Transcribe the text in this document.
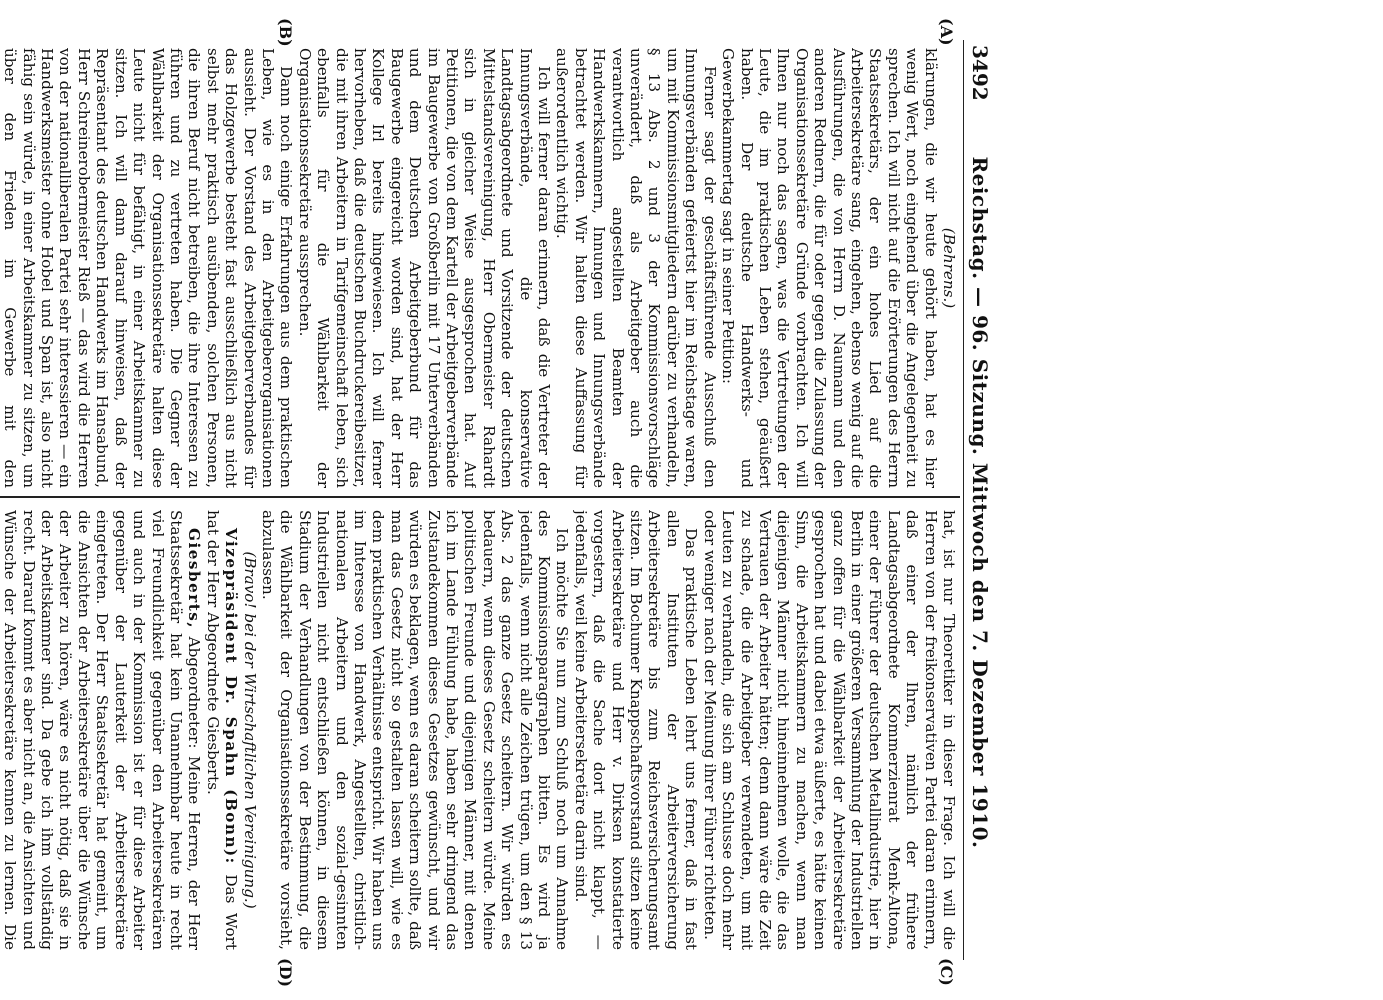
3492
Reichstag. — 96. Sitzung. Mittwoch den 7. Dezember 1910.
(A)
(B)
(C)
(D)

(Behrens.)

klärungen, die wir heute gehört haben, hat es hier wenig Wert, noch eingehend über die Angelegenheit zu sprechen. Ich will nicht auf die Erörterungen des Herrn Staatssekretärs, der ein hohes Lied auf die Arbeitersekretäre sang, eingehen, ebenso wenig auf die Ausführungen, die von Herrn D. Naumann und den anderen Rednern, die für oder gegen die Zulassung der Organisationssekretäre Gründe vorbrachten. Ich will Ihnen nur noch das sagen, was die Vertretungen der Leute, die im praktischen Leben stehen, geäußert haben. Der deutsche Handwerks- und Gewerbekammertag sagt in seiner Petition:

Ferner sagt der geschäftsführende Ausschuß den Innungsverbänden gefeiertst hier im Reichstage waren, um mit Kommissionsmitgliedern darüber zu verhandeln, § 13 Abs. 2 und 3 der Kommissionsvorschläge unverändert, daß als Arbeitgeber auch die verantwortlich angestellten Beamten der Handwerkskammern, Innungen und Innungsverbände betrachtet werden. Wir halten diese Auffassung für außerordentlich wichtig.

Ich will ferner daran erinnern, daß die Vertreter der Innungsverbände, die konservative Landtagsabgeordnete und Vorsitzende der deutschen Mittelstandsvereinigung, Herr Obermeister Rahardt sich in gleicher Weise ausgesprochen hat. Auf Petitionen, die von dem Kartell der Arbeitgeberverbände im Baugewerbe von Großberlin mit 17 Unterverbänden und dem Deutschen Arbeitgeberbund für das Baugewerbe eingereicht worden sind, hat der Herr Kollege Irl bereits hingewiesen. Ich will ferner hervorheben, daß die deutschen Buchdruckereibesitzer, die mit ihren Arbeitern in Tarifgemeinschaft leben, sich ebenfalls für die Wählbarkeit der Organisationssekretäre aussprechen.

Dann noch einige Erfahrungen aus dem praktischen Leben, wie es in den Arbeitgeberorganisationen aussieht. Der Vorstand des Arbeitgeberverbandes für das Holzgewerbe besteht fast ausschließlich aus nicht selbst mehr praktisch ausübenden, solchen Personen, die ihren Beruf nicht betreiben, die ihre Interessen zu führen und zu vertreten haben. Die Gegner der Wählbarkeit der Organisationssekretäre halten diese Leute nicht für befähigt, in einer Arbeitskammer zu sitzen. Ich will dann darauf hinweisen, daß der Repräsentant des deutschen Handwerks im Hansabund, Herr Schreinerobermeister Rieß — das wird die Herren von der nationalliberalen Partei sehr interessieren — ein Handwerksmeister ohne Hobel und Span ist, also nicht fähig sein würde, in einer Arbeitskammer zu sitzen, um über den Frieden im Gewerbe mit den

hat, ist nur Theoretiker in dieser Frage. Ich will die Herren von der freikonservativen Partei daran erinnern, daß einer der Ihren, nämlich der frühere Landtagsabgeordnete Kommerzienrat Menk-Altona, einer der Führer der deutschen Metallindustrie, hier in Berlin in einer größeren Versammlung der Industriellen ganz offen für die Wählbarkeit der Arbeitersekretäre gesprochen hat und dabei etwa äußerte, es hätte keinen Sinn, die Arbeitskammern zu machen, wenn man diejenigen Männer nicht hineinnehmen wolle, die das Vertrauen der Arbeiter hätten; denn dann wäre die Zeit zu schade, die die Arbeitgeber verwendeten, um mit Leuten zu verhandeln, die sich am Schlusse doch mehr oder weniger nach der Meinung ihrer Führer richteten.

Das praktische Leben lehrt uns ferner, daß in fast allen Instituten der Arbeiterversicherung Arbeitersekretäre bis zum Reichsversicherungsamt sitzen. Im Bochumer Knappschaftsvorstand sitzen keine Arbeitersekretäre und Herr v. Dirksen konstatierte vorgestern, daß die Sache dort nicht klappt, — jedenfalls, weil keine Arbeitersekretäre darin sind.

Ich möchte Sie nun zum Schluß noch um Annahme des Kommissionsparagraphen bitten. Es wird ja jedenfalls, wenn nicht alle Zeichen trügen, um den § 13 Abs. 2 das ganze Gesetz scheitern. Wir würden es bedauern, wenn dieses Gesetz scheitern würde. Meine politischen Freunde und diejenigen Männer, mit denen ich im Lande Fühlung habe, haben sehr dringend das Zustandekommen dieses Gesetzes gewünscht, und wir würden es beklagen, wenn es daran scheitern sollte, daß man das Gesetz nicht so gestalten lassen will, wie es dem praktischen Verhältnisse entspricht. Wir haben uns im Interesse von Handwerk, Angestellten, christlich-nationalen Arbeitern und den sozial-gesinnten Industriellen nicht entschließen können, in diesem Stadium der Verhandlungen von der Bestimmung, die die Wählbarkeit der Organisationssekretäre vorsieht, abzulassen.

(Bravo! bei der Wirtschaftlichen Vereinigung.)

Vizepräsident Dr. Spahn (Bonn): Das Wort hat der Herr Abgeordnete Giesberts.

Giesberts, Abgeordneter: Meine Herren, der Herr Staatssekretär hat kein Unannehmbar heute in recht viel Freundlichkeit gegenüber den Arbeitersekretären und auch in der Kommission ist er für diese Arbeiter gegenüber der Lauterkeit der Arbeitersekretäre eingetreten. Der Herr Staatssekretär hat gemeint, um die Ansichten der Arbeitersekretäre über die Wünsche der Arbeiter zu hören, wäre es nicht nötig, daß sie in der Arbeitskammer sind. Da gebe ich ihm vollständig recht. Darauf kommt es aber nicht an, die Ansichten und Wünsche der Arbeitersekretäre kennen zu lernen. Die
